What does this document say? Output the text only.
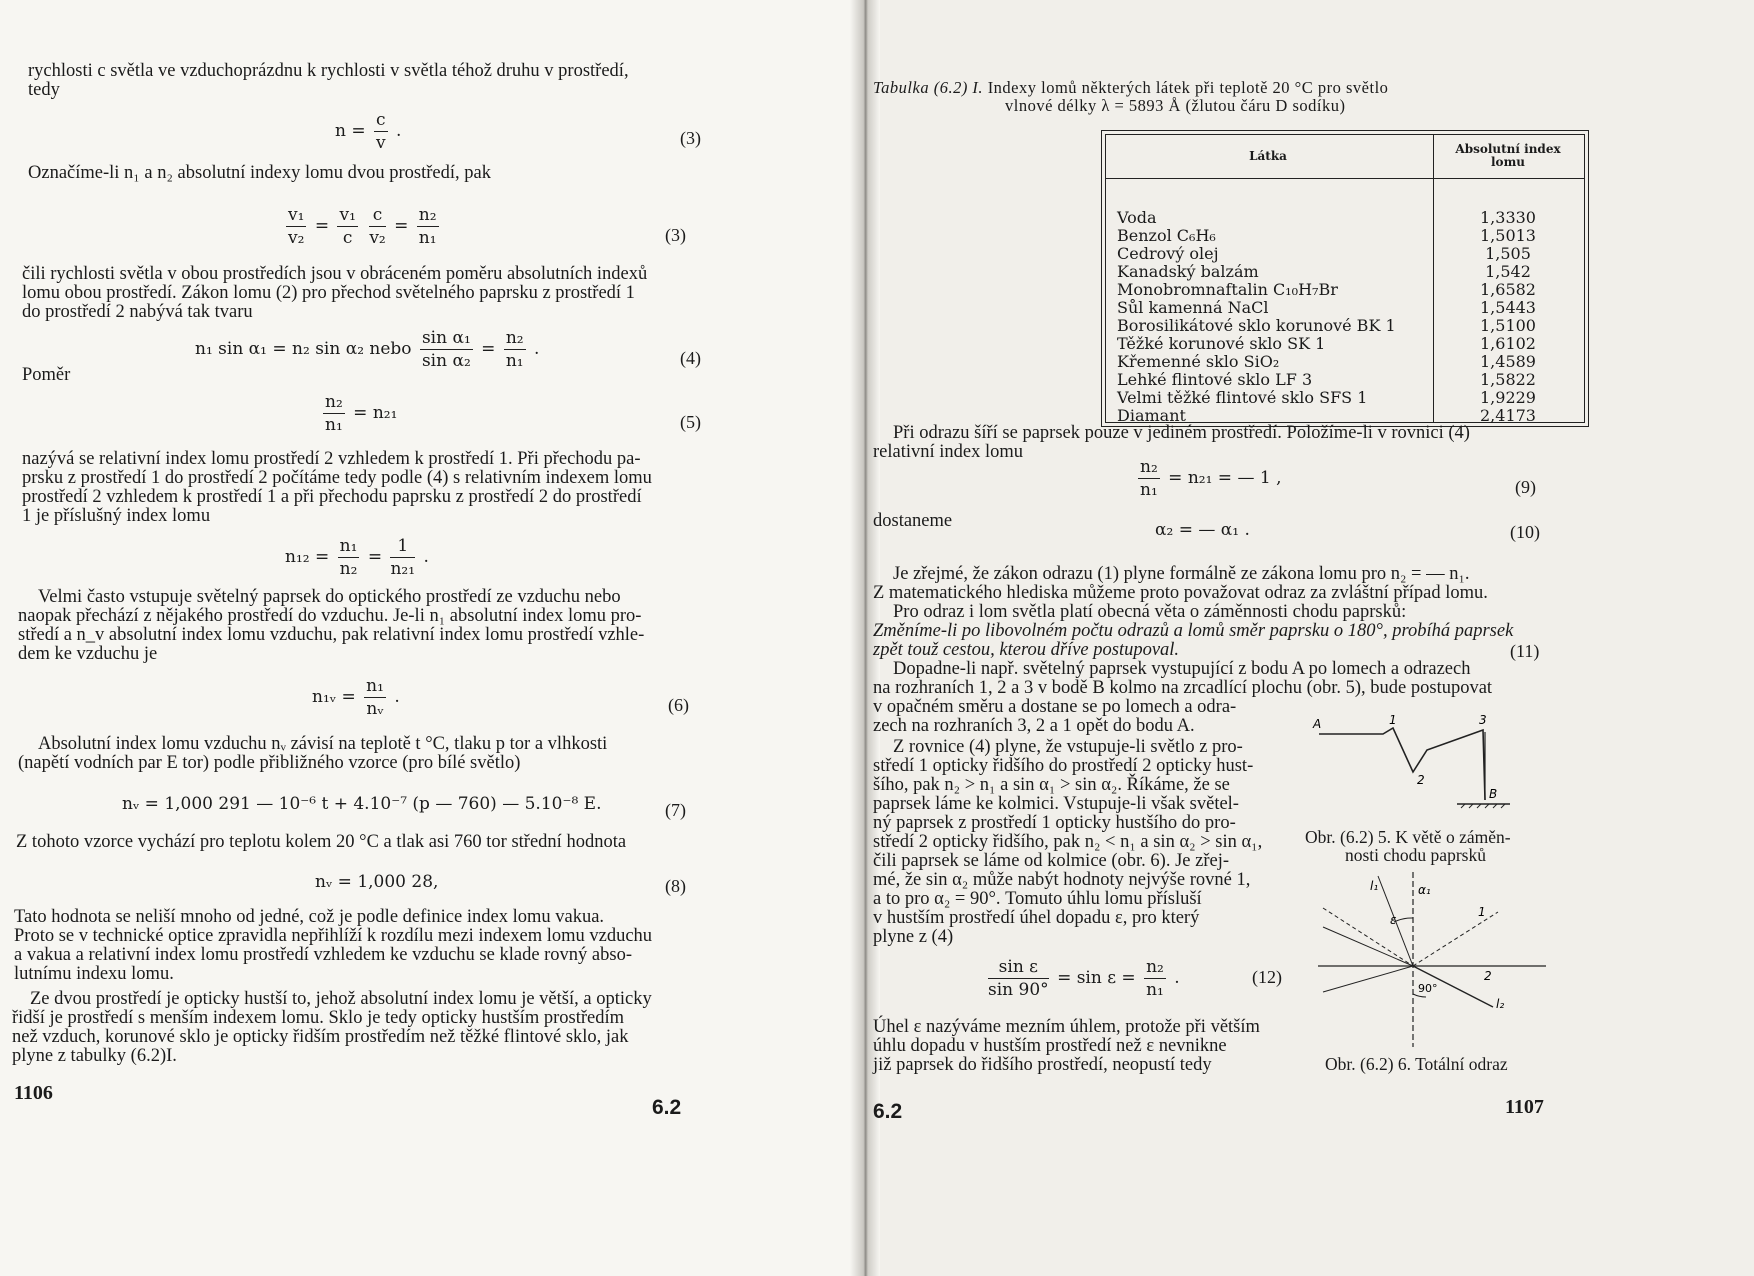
rychlosti c světla ve vzduchoprázdnu k rychlosti v světla téhož druhu v prostředí,
tedy
$n = \frac{c}{v}$ .	(3)
Označíme-li n₁ a n₂ absolutní indexy lomu dvou prostředí, pak
$\frac{\text{v₁}}{\text{v₂}} = \frac{\text{v₁}}{c}$
$\frac{c}{\text{v₂}} = \frac{\text{n₂}}{\text{n₁}}$	(3)
čili rychlosti světla v obou prostředích jsou v obráceném poměru absolutních indexů
lomu obou prostředí. Zákon lomu (2) pro přechod světelného paprsku z prostředí 1
do prostředí 2 nabývá tak tvaru
n₁ sin α₁ = n₂ sin α₂ nebo $\frac{\text{sin α₁}}{\text{sin α₂}} = \frac{\text{n₂}}{\text{n₁}}$ .	(4)
Poměr
$\frac{\text{n₂}}{\text{n₁}} = n_{21}$	(5)
nazývá se relativní index lomu prostředí 2 vzhledem k prostředí 1. Při přechodu pa-
prsku z prostředí 1 do prostředí 2 počítáme tedy podle (4) s relativním indexem lomu
prostředí 2 vzhledem k prostředí 1 a při přechodu paprsku z prostředí 2 do prostředí
1 je příslušný index lomu
$n_{12} = \frac{\text{n₁}}{\text{n₂}} = \frac{1}{\text{n₂₁}}$ .
Velmi často vstupuje světelný paprsek do optického prostředí ze vzduchu nebo
naopak přechází z nějakého prostředí do vzduchu. Je-li n₁ absolutní index lomu pro-
středí a n_v absolutní index lomu vzduchu, pak relativní index lomu prostředí vzhle-
dem ke vzduchu je
n₁ᵥ = $\frac{\text{n₁}}{\text{nᵥ}}$ .	(6)
Absolutní index lomu vzduchu nᵥ závisí na teplotě t °C, tlaku p tor a vlhkosti
(napětí vodních par E tor) podle přibližného vzorce (pro bílé světlo)
nᵥ = 1,000 291 — 10⁻⁶ t + 4.10⁻⁷ (p — 760) — 5.10⁻⁸ E.	(7)
Z tohoto vzorce vychází pro teplotu kolem 20 °C a tlak asi 760 tor střední hodnota
nᵥ = 1,000 28,	(8)
Tato hodnota se neliší mnoho od jedné, což je podle definice index lomu vakua.
Proto se v technické optice zpravidla nepřihlíží k rozdílu mezi indexem lomu vzduchu
a vakua a relativní index lomu prostředí vzhledem ke vzduchu se klade rovný abso-
lutnímu indexu lomu.
Ze dvou prostředí je opticky hustší to, jehož absolutní index lomu je větší, a opticky
řidší je prostředí s menším indexem lomu. Sklo je tedy opticky hustším prostředím
než vzduch, korunové sklo je opticky řidším prostředím než těžké flintové sklo, jak
plyne z tabulky (6.2)I.
1106
6.2
Tabulka (6.2) I. Indexy lomů některých látek při teplotě 20 °C pro světlo
vlnové délky λ = 5893 Å (žlutou čáru D sodíku)
Látka	Absolutní index lomu
Voda	1,3330
Benzol C₆H₆	1,5013
Cedrový olej	1,505
Kanadský balzám	1,542
Monobromnaftalin C₁₀H₇Br	1,6582
Sůl kamenná NaCl	1,5443
Borosilikátové sklo korunové BK 1	1,5100
Těžké korunové sklo SK 1	1,6102
Křemenné sklo SiO₂	1,4589
Lehké flintové sklo LF 3	1,5822
Velmi těžké flintové sklo SFS 1	1,9229
Diamant	2,4173
Při odrazu šíří se paprsek pouze v jediném prostředí. Položíme-li v rovnici (4)
relativní index lomu
$\frac{\text{n₂}}{\text{n₁}} = n_{21}$ = — 1 ,	(9)
dostaneme	α₂ = — α₁ .	(10)
Je zřejmé, že zákon odrazu (1) plyne formálně ze zákona lomu pro n₂ = — n₁.
Z matematického hlediska můžeme proto považovat odraz za zvláštní případ lomu.
Pro odraz i lom světla platí obecná věta o záměnnosti chodu paprsků:
Změníme-li po libovolném počtu odrazů a lomů směr paprsku o 180°, probíhá paprsek
zpět touž cestou, kterou dříve postupoval.	(11)
Dopadne-li např. světelný paprsek vystupující z bodu A po lomech a odrazech
na rozhraních 1, 2 a 3 v bodě B kolmo na zrcadlící plochu (obr. 5), bude postupovat
v opačném směru a dostane se po lomech a odra-
zech na rozhraních 3, 2 a 1 opět do bodu A.
Z rovnice (4) plyne, že vstupuje-li světlo z pro-
středí 1 opticky řidšího do prostředí 2 opticky hust-
šího, pak n₂ > n₁ a sin α₁ > sin α₂. Říkáme, že se
paprsek láme ke kolmici. Vstupuje-li však světel-
ný paprsek z prostředí 1 opticky hustšího do pro-
středí 2 opticky řidšího, pak n₂ < n₁ a sin α₂ > sin α₁,
čili paprsek se láme od kolmice (obr. 6). Je zřej-
mé, že sin α₂ může nabýt hodnoty nejvýše rovné 1,
a to pro α₂ = 90°. Tomuto úhlu lomu přísluší
v hustším prostředí úhel dopadu ε, pro který
plyne z (4)
$\frac{\text{sin ε}}{\sin 90^\circ} = \sin \varepsilon = \frac{\text{n₂}}{\text{n₁}}$ .	(12)
Úhel ε nazýváme mezním úhlem, protože při větším
úhlu dopadu v hustším prostředí než ε nevnikne
již paprsek do řidšího prostředí, neopustí tedy
A	1
2
3
B
Obr. (6.2) 5. K větě o záměn-
nosti chodu paprsků
l₁	α₁
ε
1
2
l₂
90°
Obr. (6.2) 6. Totální odraz
6.2	1107
